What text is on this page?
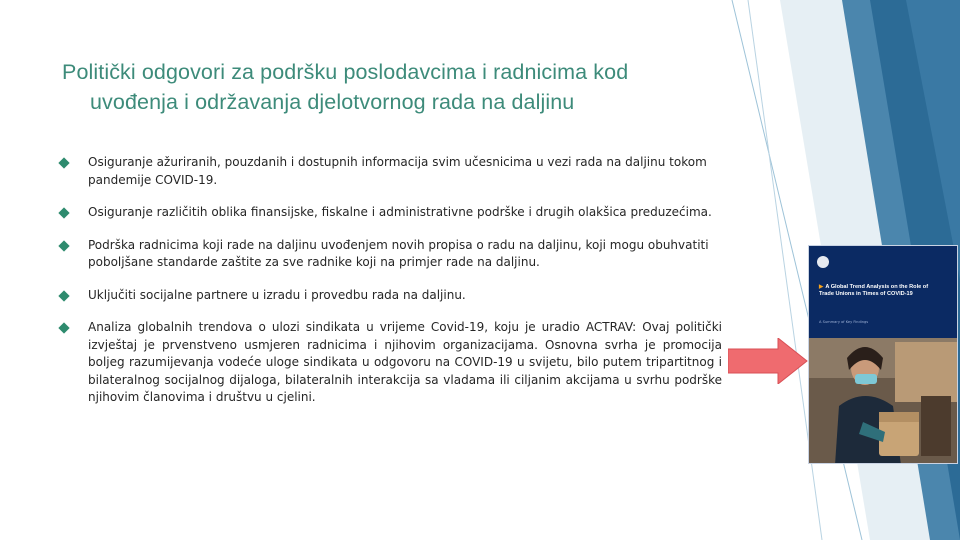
Politički odgovori za podršku poslodavcima i radnicima kod
uvođenja i održavanja djelotvornog rada na daljinu
Osiguranje ažuriranih, pouzdanih i dostupnih informacija svim učesnicima u vezi rada na daljinu tokom pandemije COVID-19.
Osiguranje različitih oblika finansijske, fiskalne i administrativne podrške i drugih olakšica preduzećima.
Podrška radnicima koji rade na daljinu uvođenjem novih propisa o radu na daljinu, koji mogu obuhvatiti poboljšane standarde zaštite za sve radnike koji na primjer rade na daljinu.
Uključiti socijalne partnere u izradu i provedbu rada na daljinu.
Analiza globalnih trendova o ulozi sindikata u vrijeme Covid-19, koju je uradio ACTRAV: Ovaj politički izvještaj je prvenstveno usmjeren radnicima i njihovim organizacijama. Osnovna svrha je promocija boljeg razumijevanja vodeće uloge sindikata u odgovoru na COVID-19 u svijetu, bilo putem tripartitnog i bilateralnog socijalnog dijaloga, bilateralnih interakcija sa vladama ili ciljanim akcijama u svrhu podrške njihovim članovima i društvu u cjelini.
▶ A Global Trend Analysis on the Role of Trade Unions in Times of COVID-19
A Summary of Key Findings
